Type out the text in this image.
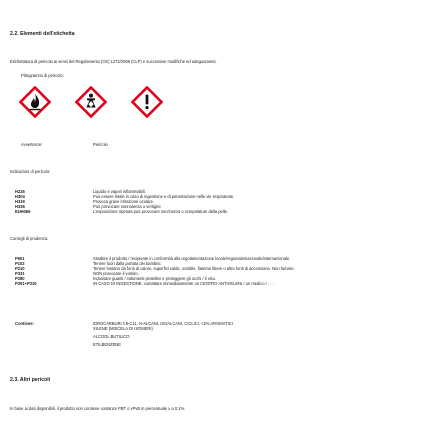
2.2. Elementi dell'etichetta
Etichettatura di pericolo ai sensi del Regolamento (CE) 1272/2008 (CLP) e successive modifiche ed adeguamenti.
Pittogrammi di pericolo:
Avvertenze:	Pericolo
Indicazioni di pericolo:
H226
H304
H319
H336
EUH066
Liquido e vapori infiammabili.
Può essere letale in caso di ingestione e di penetrazione nelle vie respiratorie.
Provoca grave irritazione oculare.
Può provocare sonnolenza o vertigini.
L'esposizione ripetuta può provocare secchezza o screpolature della pelle.
Consigli di prudenza:
P501
P102
P210
P331
P280
P301+P310
Smaltire il prodotto / recipiente in conformità alla regolamentazione locale/regionale/nazionale/internazionale.
Tenere fuori dalla portata dei bambini.
Tenere lontano da fonti di calore, superfici calde, scintille, fiamme libere o altre fonti di accensione. Non fumare.
NON provocare il vomito.
Indossare guanti / indumenti protettivi e proteggere gli occhi / il viso.
IN CASO DI INGESTIONE: contattare immediatamente un CENTRO ANTIVELENI / un medico / . . .
Contiene:	IDROCARBURI C9-C11, N-ALCANI, ISOALCANI, CICLICI, <2% AROMATICI
XILENE (MISCELA DI ISOMERI)
ALCOOL BUTILICO
ETILBENZENE
2.3. Altri pericoli
In base ai dati disponibili, il prodotto non contiene sostanze PBT o vPvB in percentuale ≥ a 0,1%.
